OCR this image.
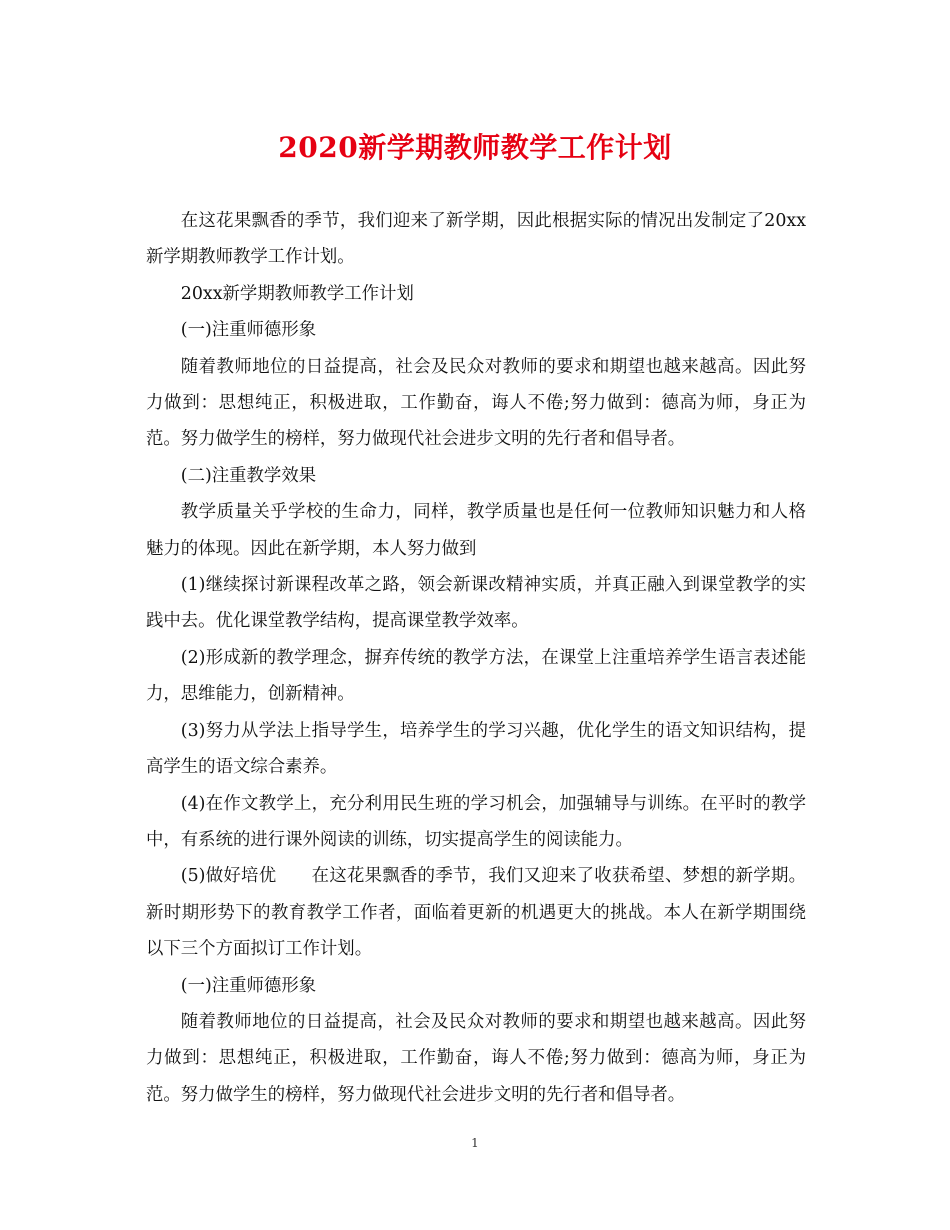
2020新学期教师教学工作计划

在这花果飘香的季节，我们迎来了新学期，因此根据实际的情况出发制定了20xx新学期教师教学工作计划。

20xx新学期教师教学工作计划

(一)注重师德形象

随着教师地位的日益提高，社会及民众对教师的要求和期望也越来越高。因此努力做到：思想纯正，积极进取，工作勤奋，诲人不倦;努力做到：德高为师，身正为范。努力做学生的榜样，努力做现代社会进步文明的先行者和倡导者。

(二)注重教学效果

教学质量关乎学校的生命力，同样，教学质量也是任何一位教师知识魅力和人格魅力的体现。因此在新学期，本人努力做到

(1)继续探讨新课程改革之路，领会新课改精神实质，并真正融入到课堂教学的实践中去。优化课堂教学结构，提高课堂教学效率。

(2)形成新的教学理念，摒弃传统的教学方法，在课堂上注重培养学生语言表述能力，思维能力，创新精神。

(3)努力从学法上指导学生，培养学生的学习兴趣，优化学生的语文知识结构，提高学生的语文综合素养。

(4)在作文教学上，充分利用民生班的学习机会，加强辅导与训练。在平时的教学中，有系统的进行课外阅读的训练，切实提高学生的阅读能力。

(5)做好培优　　在这花果飘香的季节，我们又迎来了收获希望、梦想的新学期。新时期形势下的教育教学工作者，面临着更新的机遇更大的挑战。本人在新学期围绕以下三个方面拟订工作计划。

(一)注重师德形象

随着教师地位的日益提高，社会及民众对教师的要求和期望也越来越高。因此努力做到：思想纯正，积极进取，工作勤奋，诲人不倦;努力做到：德高为师，身正为范。努力做学生的榜样，努力做现代社会进步文明的先行者和倡导者。

1
